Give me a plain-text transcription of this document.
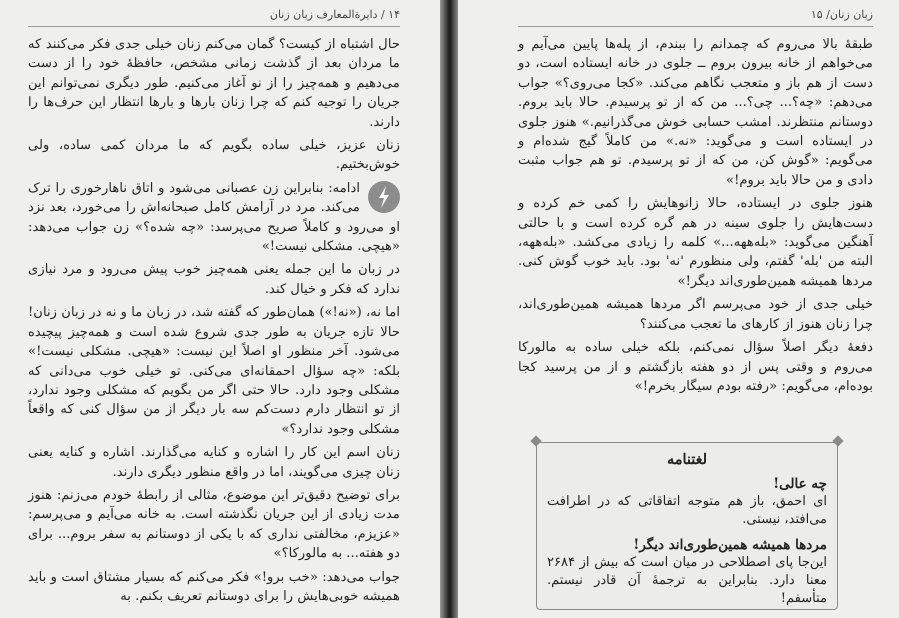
۱۴ / دایرةالمعارف زبان زنان

حال اشتباه از کیست؟ گمان می‌کنم زنان خیلی جدی فکر می‌کنند که ما مردان بعد از گذشت زمانی مشخص، حافظهٔ خود را از دست می‌دهیم و همه‌چیز را از نو آغاز می‌کنیم. طور دیگری نمی‌توانم این جریان را توجیه کنم که چرا زنان بارها و بارها انتظار این حرف‌ها را دارند.

زنان عزیز، خیلی ساده بگویم که ما مردان کمی ساده، ولی خوش‌بختیم.

ادامه: بنابراین زن عصبانی می‌شود و اتاق ناهارخوری را ترک می‌کند. مرد در آرامش کامل صبحانه‌اش را می‌خورد، بعد نزد او می‌رود و کاملاً صریح می‌پرسد: «چه شده؟» زن جواب می‌دهد: «هیچی. مشکلی نیست!»

در زبان ما این جمله یعنی همه‌چیز خوب پیش می‌رود و مرد نیازی ندارد که فکر و خیال کند.

اما نه، («نه!») همان‌طور که گفته شد، در زبان ما و نه در زبان زنان! حالا تازه جریان به طور جدی شروع شده است و همه‌چیز پیچیده می‌شود. آخر منظور او اصلاً این نیست: «هیچی. مشکلی نیست!» بلکه: «چه سؤال احمقانه‌ای می‌کنی. تو خیلی خوب می‌دانی که مشکلی وجود دارد. حالا حتی اگر من بگویم که مشکلی وجود ندارد، از تو انتظار دارم دست‌کم سه بار دیگر از من سؤال کنی که واقعاً مشکلی وجود ندارد؟»

زنان اسم این کار را اشاره و کنایه می‌گذارند. اشاره و کنایه یعنی زنان چیزی می‌گویند، اما در واقع منظور دیگری دارند.

برای توضیح دقیق‌تر این موضوع، مثالی از رابطهٔ خودم می‌زنم: هنوز مدت زیادی از این جریان نگذشته است. به خانه می‌آیم و می‌پرسم: «عزیزم، مخالفتی نداری که با یکی از دوستانم به سفر بروم... برای دو هفته... به مالورکا؟»

جواب می‌دهد: «خب برو!» فکر می‌کنم که بسیار مشتاق است و باید همیشه خوبی‌هایش را برای دوستانم تعریف بکنم. به

زبان زنان/ ۱۵

طبقهٔ بالا می‌روم که چمدانم را ببندم، از پله‌ها پایین می‌آیم و می‌خواهم از خانه بیرون بروم ــ جلوی در خانه ایستاده است، دو دست از هم باز و متعجب نگاهم می‌کند. «کجا می‌روی؟» جواب می‌دهم: «چه؟... چی؟... من که از تو پرسیدم. حالا باید بروم. دوستانم منتظرند. امشب حسابی خوش می‌گذرانیم.» هنوز جلوی در ایستاده است و می‌گوید: «نه.» من کاملاً گیج شده‌ام و می‌گویم: «گوش کن، من که از تو پرسیدم. تو هم جواب مثبت دادی و من حالا باید بروم!»

هنوز جلوی در ایستاده، حالا زانوهایش را کمی خم کرده و دست‌هایش را جلوی سینه در هم گره کرده است و با حالتی آهنگین می‌گوید: «بله‌ههه...» کلمه را زیادی می‌کشد. «بله‌ههه، البته من 'بله' گفتم، ولی منظورم 'نه' بود. باید خوب گوش کنی. مردها همیشه همین‌طوری‌اند دیگر!»

خیلی جدی از خود می‌پرسم اگر مردها همیشه همین‌طوری‌اند، چرا زنان هنوز از کارهای ما تعجب می‌کنند؟

دفعهٔ دیگر اصلاً سؤال نمی‌کنم، بلکه خیلی ساده به مالورکا می‌روم و وقتی پس از دو هفته بازگشتم و از من پرسید کجا بوده‌ام، می‌گویم: «رفته بودم سیگار بخرم!»

لغتنامه
چه عالی!
ای احمق، باز هم متوجه اتفاقاتی که در اطرافت می‌افتد، نیستی.
مردها همیشه همین‌طوری‌اند دیگر!
این‌جا پای اصطلاحی در میان است که بیش از ۲۶۸۴ معنا دارد. بنابراین به ترجمهٔ آن قادر نیستم. متأسفم!
